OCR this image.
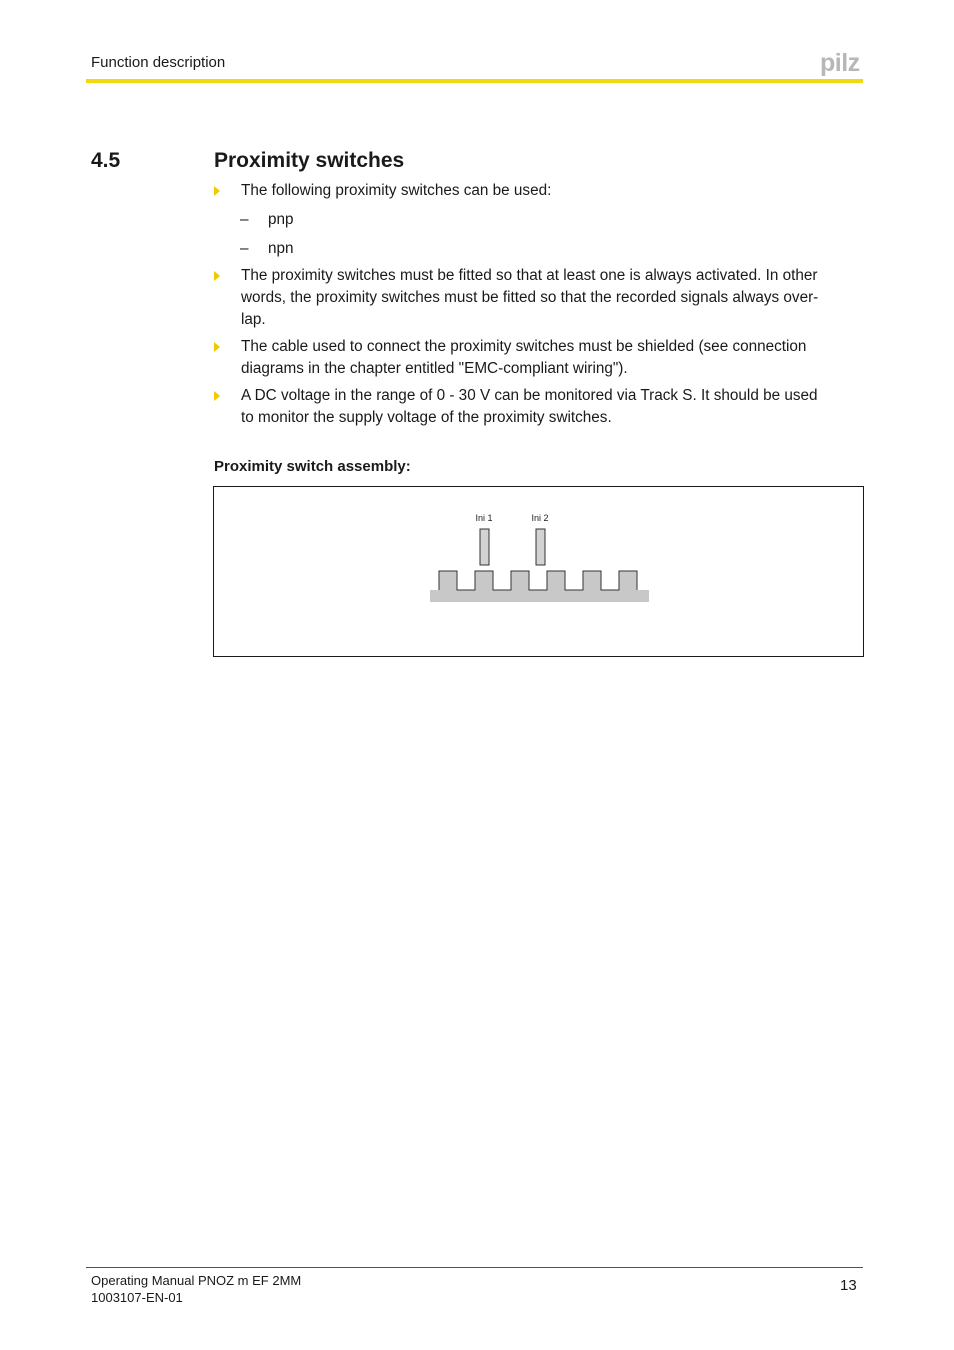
Function description	pilz
4.5	Proximity switches
The following proximity switches can be used:
– pnp
– npn
The proximity switches must be fitted so that at least one is always activated. In other
words, the proximity switches must be fitted so that the recorded signals always over-
lap.
The cable used to connect the proximity switches must be shielded (see connection
diagrams in the chapter entitled "EMC-compliant wiring").
A DC voltage in the range of 0 - 30 V can be monitored via Track S. It should be used
to monitor the supply voltage of the proximity switches.
Proximity switch assembly:
Ini 1	Ini 2
Operating Manual PNOZ m EF 2MM
1003107-EN-01
13
